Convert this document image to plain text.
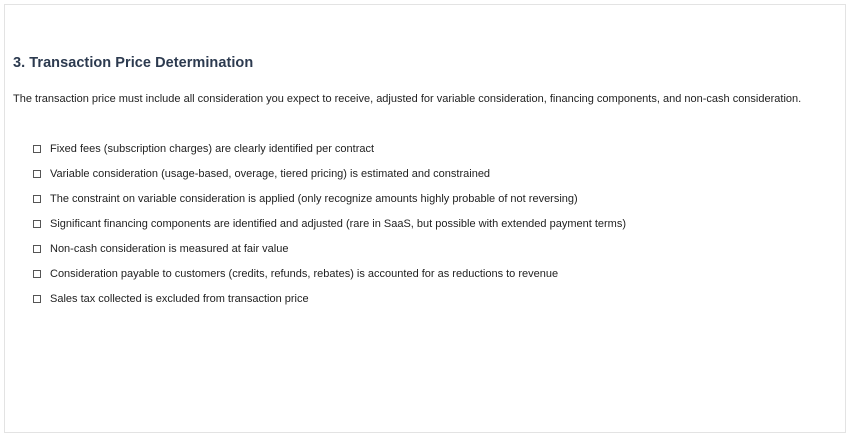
3. Transaction Price Determination

The transaction price must include all consideration you expect to receive, adjusted for variable consideration, financing components, and non-cash consideration.

Fixed fees (subscription charges) are clearly identified per contract
Variable consideration (usage-based, overage, tiered pricing) is estimated and constrained
The constraint on variable consideration is applied (only recognize amounts highly probable of not reversing)
Significant financing components are identified and adjusted (rare in SaaS, but possible with extended payment terms)
Non-cash consideration is measured at fair value
Consideration payable to customers (credits, refunds, rebates) is accounted for as reductions to revenue
Sales tax collected is excluded from transaction price
